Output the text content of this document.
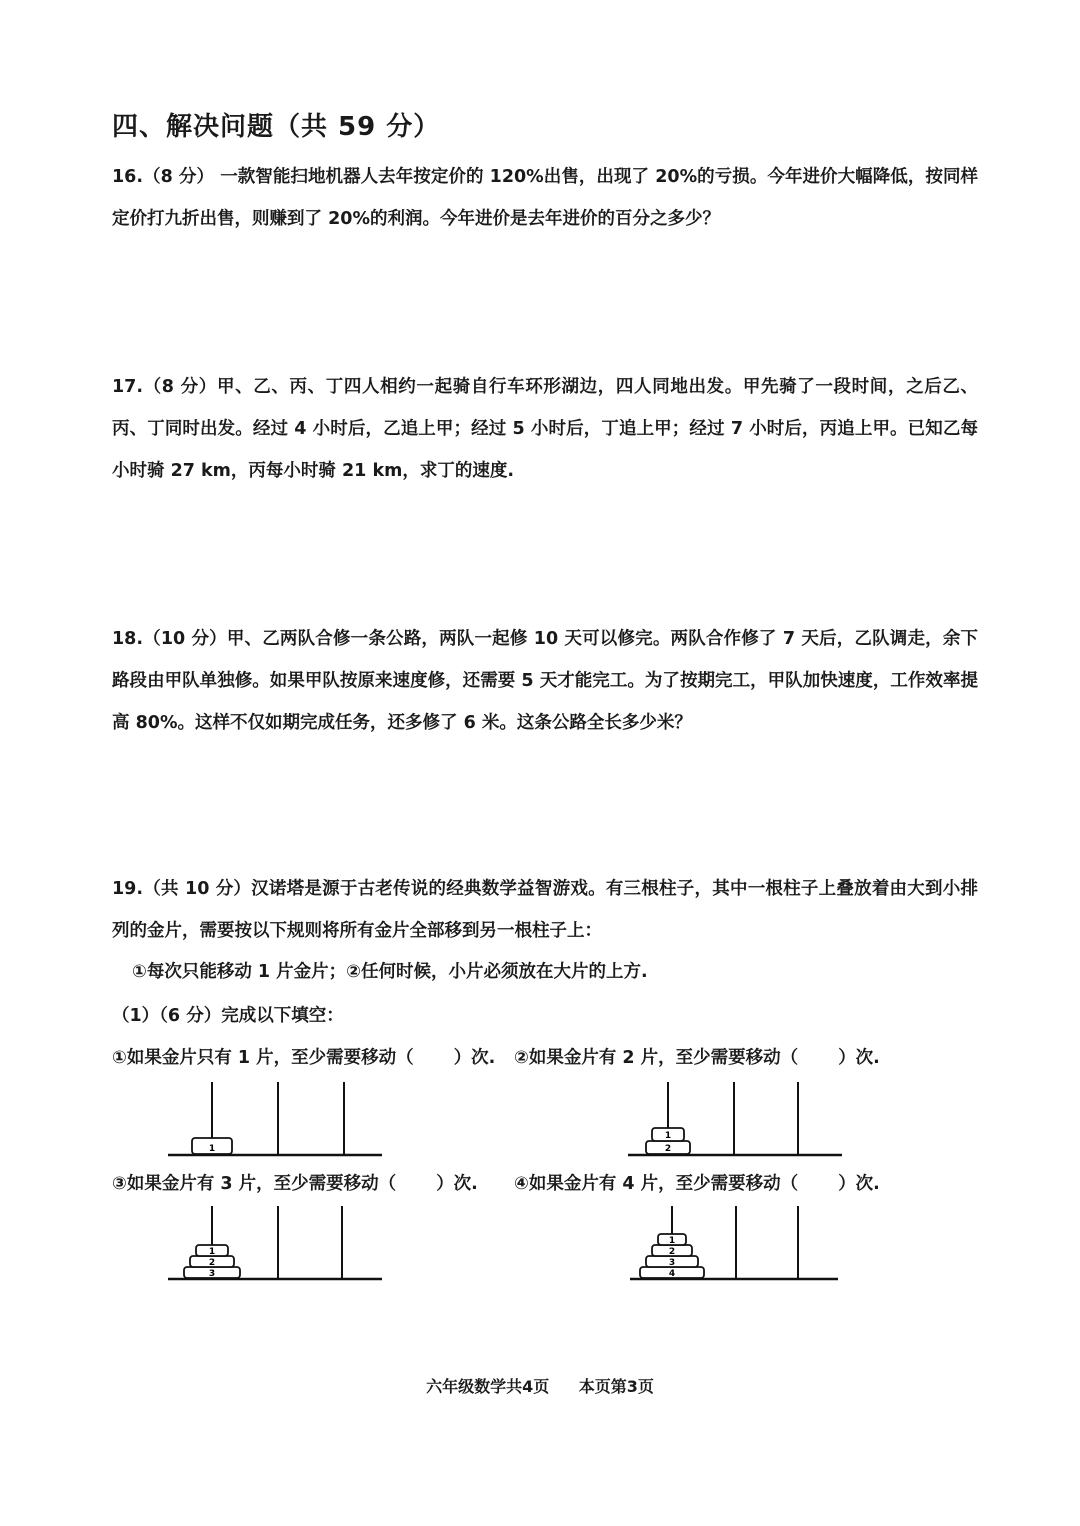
四、解决问题（共 59 分）
16.（8 分） 一款智能扫地机器人去年按定价的 120%出售，出现了 20%的亏损。今年进价大幅降低，按同样定价打九折出售，则赚到了 20%的利润。今年进价是去年进价的百分之多少？
17.（8 分）甲、乙、丙、丁四人相约一起骑自行车环形湖边，四人同地出发。甲先骑了一段时间，之后乙、丙、丁同时出发。经过 4 小时后，乙追上甲；经过 5 小时后，丁追上甲；经过 7 小时后，丙追上甲。已知乙每小时骑 27 km，丙每小时骑 21 km，求丁的速度.
18.（10 分）甲、乙两队合修一条公路，两队一起修 10 天可以修完。两队合作修了 7 天后，乙队调走，余下路段由甲队单独修。如果甲队按原来速度修，还需要 5 天才能完工。为了按期完工，甲队加快速度，工作效率提高 80%。这样不仅如期完成任务，还多修了 6 米。这条公路全长多少米？
19.（共 10 分）汉诺塔是源于古老传说的经典数学益智游戏。有三根柱子，其中一根柱子上叠放着由大到小排列的金片，需要按以下规则将所有金片全部移到另一根柱子上：
①每次只能移动 1 片金片；②任何时候，小片必须放在大片的上方.
（1）（6 分）完成以下填空：
①如果金片只有 1 片，至少需要移动（ ）次. ②如果金片有 2 片，至少需要移动（ ）次.
③如果金片有 3 片，至少需要移动（ ）次. ④如果金片有 4 片，至少需要移动（ ）次.
1	2
1
3
2
1
4
3
2
1
六年级数学共4页 本页第3页
